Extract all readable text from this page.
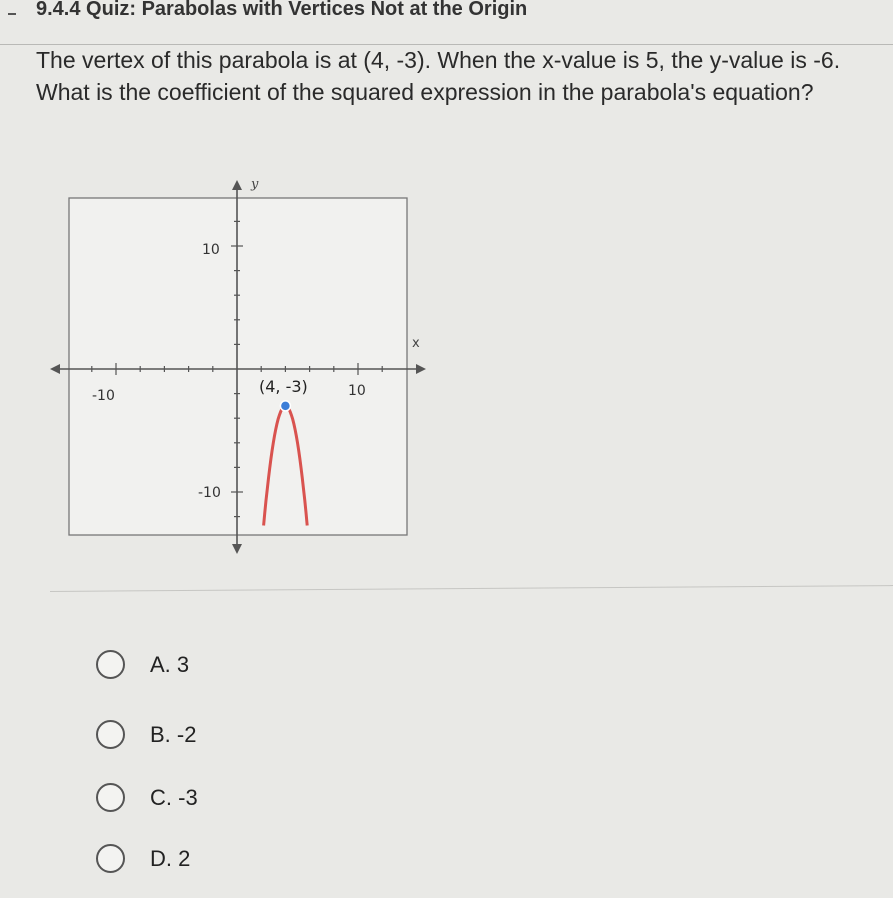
9.4.4 Quiz: Parabolas with Vertices Not at the Origin
The vertex of this parabola is at (4, -3). When the x-value is 5, the y-value is -6. What is the coefficient of the squared expression in the parabola's equation?
y
x
10
-10
-10	10
(4, -3)
A. 3
B. -2
C. -3
D. 2
